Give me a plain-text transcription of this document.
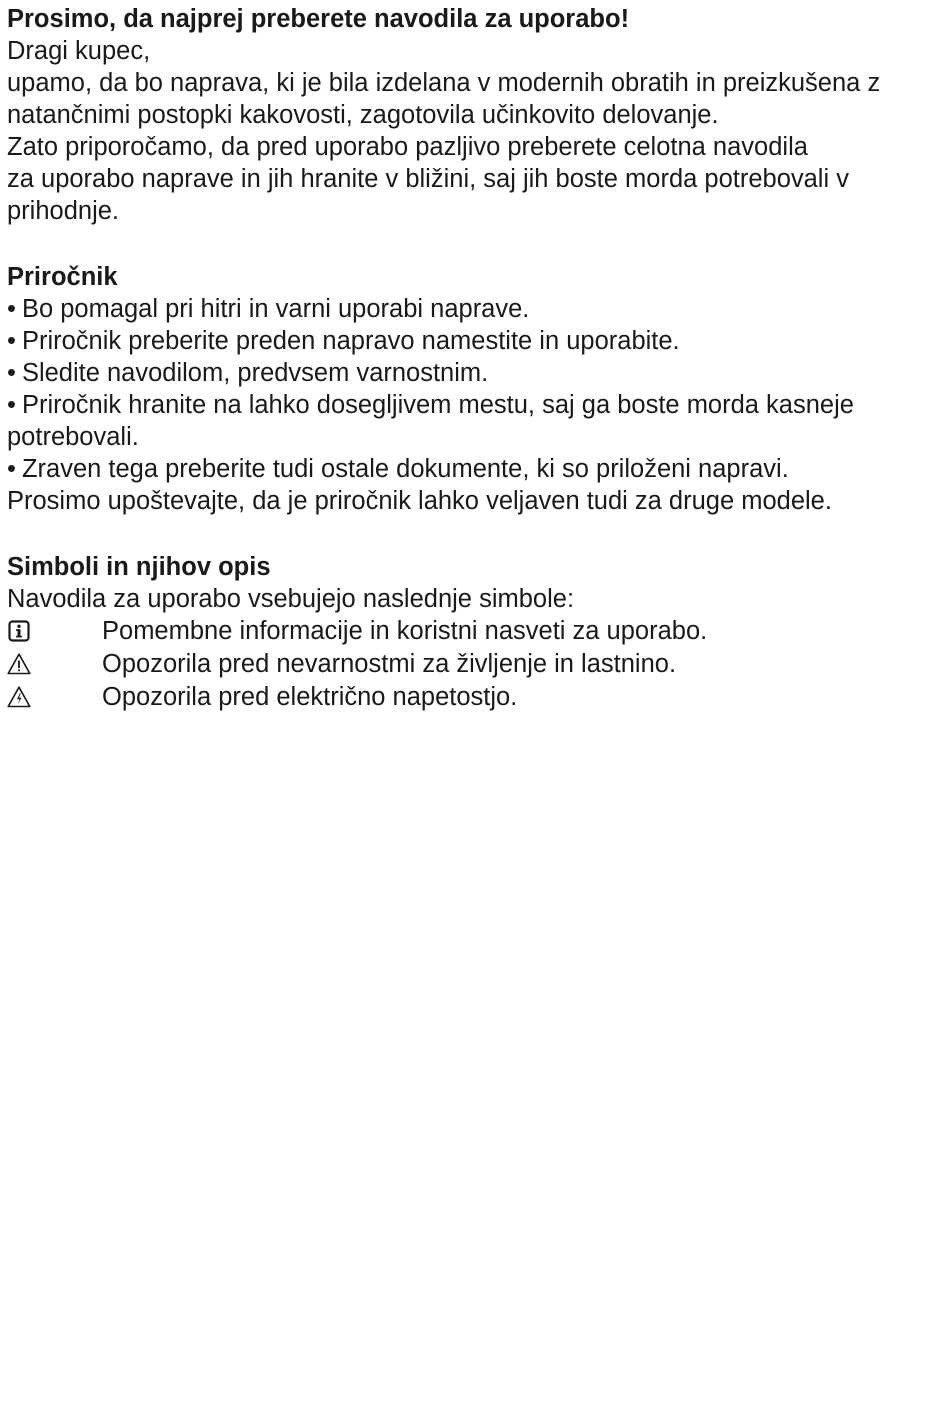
Prosimo, da najprej preberete navodila za uporabo!

Dragi kupec,

upamo, da bo naprava, ki je bila izdelana v modernih obratih in preizkušena z

natančnimi postopki kakovosti, zagotovila učinkovito delovanje.

Zato priporočamo, da pred uporabo pazljivo preberete celotna navodila

za uporabo naprave in jih hranite v bližini, saj jih boste morda potrebovali v

prihodnje.

Priročnik

• Bo pomagal pri hitri in varni uporabi naprave.

• Priročnik preberite preden napravo namestite in uporabite.

• Sledite navodilom, predvsem varnostnim.

• Priročnik hranite na lahko dosegljivem mestu, saj ga boste morda kasneje

potrebovali.

• Zraven tega preberite tudi ostale dokumente, ki so priloženi napravi.

Prosimo upoštevajte, da je priročnik lahko veljaven tudi za druge modele.

Simboli in njihov opis

Navodila za uporabo vsebujejo naslednje simbole:

Pomembne informacije in koristni nasveti za uporabo.
Opozorila pred nevarnostmi za življenje in lastnino.
Opozorila pred električno napetostjo.
